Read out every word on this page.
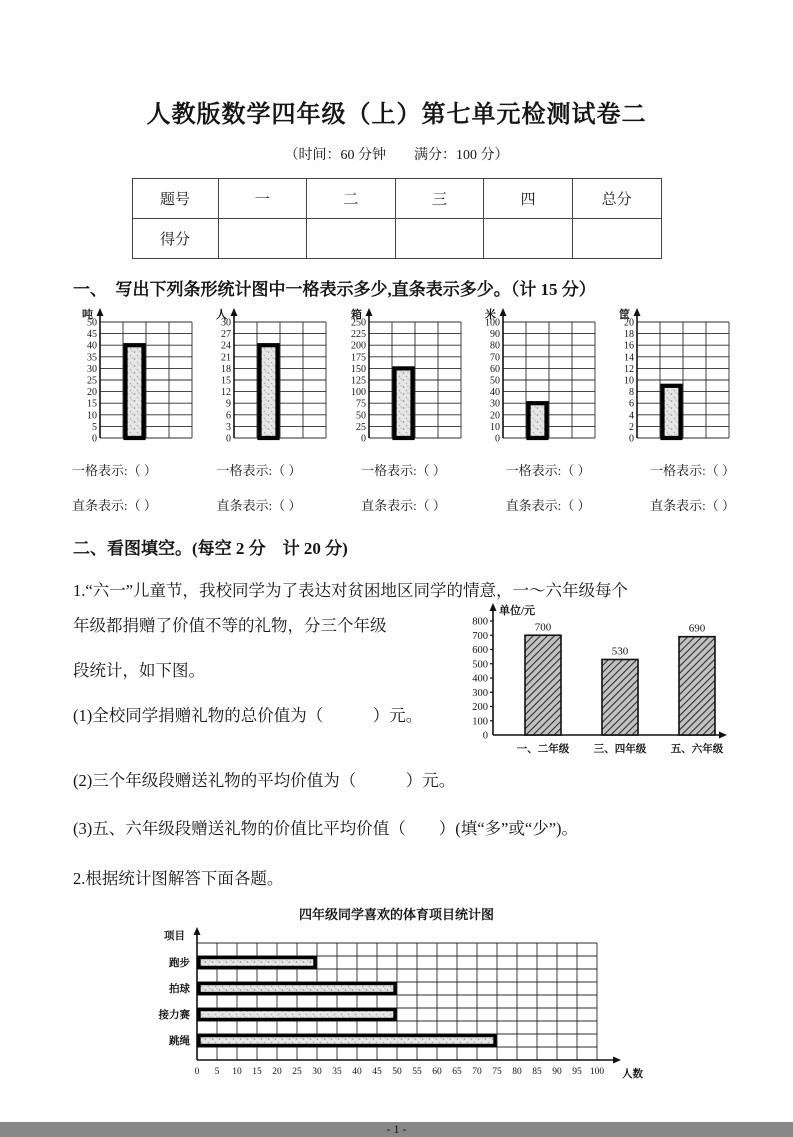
人教版数学四年级（上）第七单元检测试卷二
（时间：60 分钟　　满分：100 分）
题号	一	二	三	四	总分
得分					
一、　写出下列条形统计图中一格表示多少,直条表示多少。（计 15 分）
吨
50
45
40
35
30
25
20
15
10
5
0
人
30
27
24
21
18
15
12
9
6
3
0
箱
250
225
200
175
150
125
100
75
50
25
0
米
100
90
80
70
60
50
40
30
20
10
0
筐
20
18
16
14
12
10
8
6
4
2
0
一格表示:（ ）	一格表示:（ ）	一格表示:（ ）	一格表示:（ ）	一格表示:（ ）
直条表示:（ ）	直条表示:（ ）	直条表示:（ ）	直条表示:（ ）	直条表示:（ ）
二、看图填空。(每空 2 分　计 20 分)
1.“六一”儿童节，我校同学为了表达对贫困地区同学的情意，一～六年级每个

年级都捐赠了价值不等的礼物，分三个年级

段统计，如下图。

(1)全校同学捐赠礼物的总价值为（　　　）元。

单位/元
800
700
600
500
400
300
200
100
0
700
一、二年级
530
三、四年级
690
五、六年级
(2)三个年级段赠送礼物的平均价值为（　　　）元。
(3)五、六年级段赠送礼物的价值比平均价值（　　）(填“多”或“少”)。
2.根据统计图解答下面各题。
四年级同学喜欢的体育项目统计图
项目
人数
跑步
拍球
接力赛
跳绳
0 5 10 15 20 25 30 35 40 45 50 55 60 65 70 75 80 85 90 95 100
- 1 -
